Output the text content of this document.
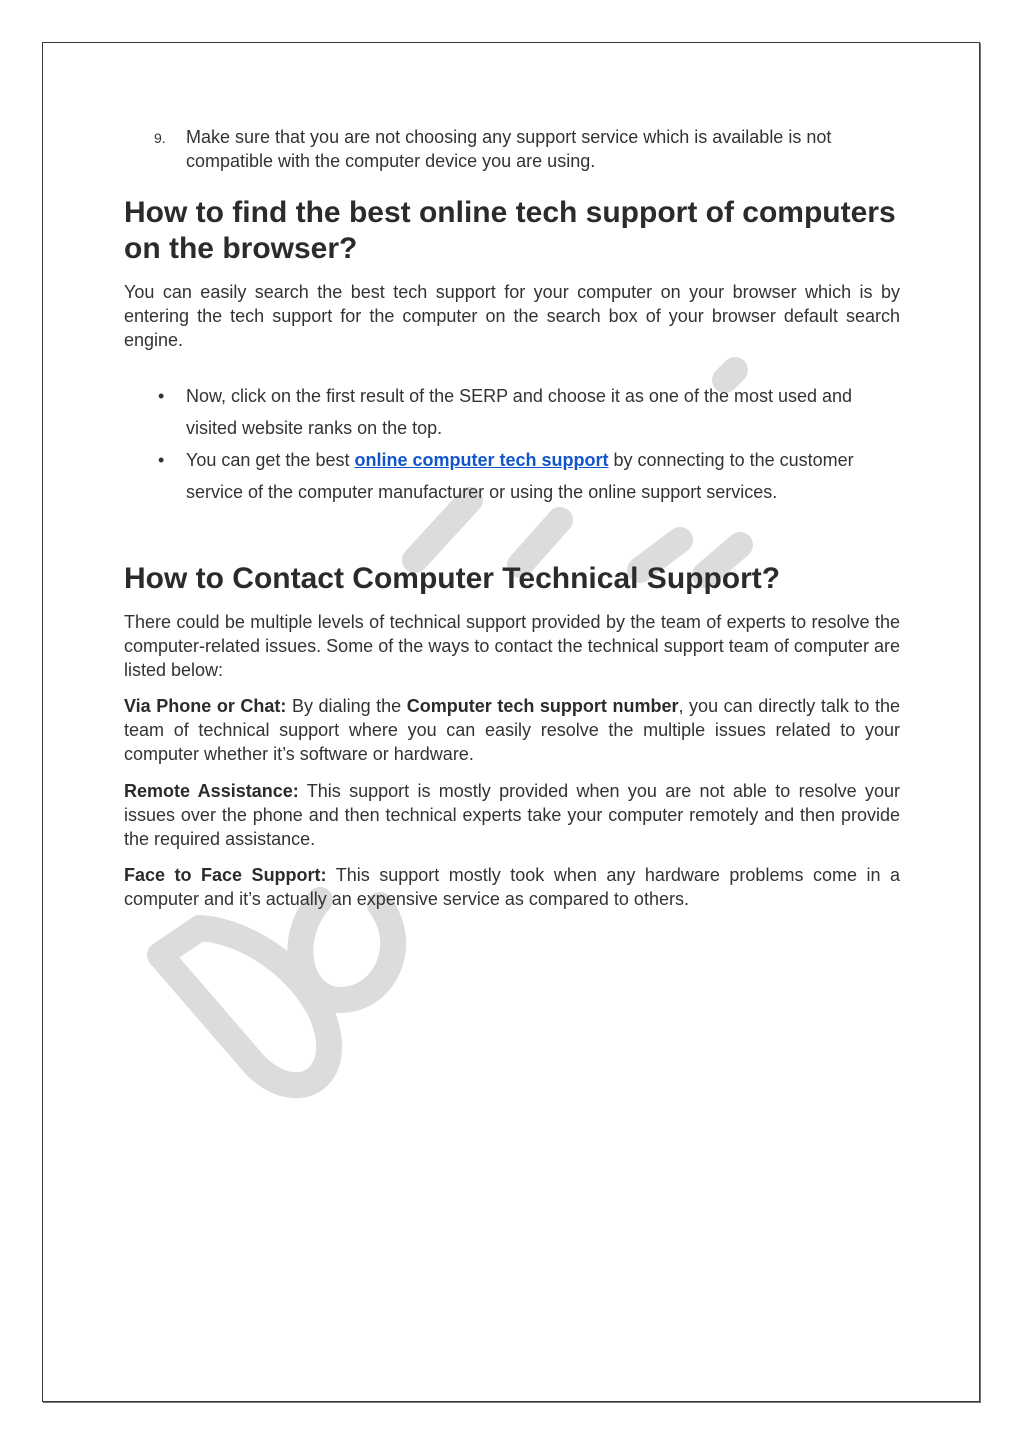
9.	Make sure that you are not choosing any support service which is available is not compatible with the computer device you are using.
How to find the best online tech support of computers on the browser?

You can easily search the best tech support for your computer on your browser which is by entering the tech support for the computer on the search box of your browser default search engine.

• Now, click on the first result of the SERP and choose it as one of the most used and visited website ranks on the top.
• You can get the best online computer tech support by connecting to the customer service of the computer manufacturer or using the online support services.
How to Contact Computer Technical Support?

There could be multiple levels of technical support provided by the team of experts to resolve the computer-related issues. Some of the ways to contact the technical support team of computer are listed below:

Via Phone or Chat: By dialing the Computer tech support number, you can directly talk to the team of technical support where you can easily resolve the multiple issues related to your computer whether it’s software or hardware.

Remote Assistance: This support is mostly provided when you are not able to resolve your issues over the phone and then technical experts take your computer remotely and then provide the required assistance.

Face to Face Support: This support mostly took when any hardware problems come in a computer and it’s actually an expensive service as compared to others.
